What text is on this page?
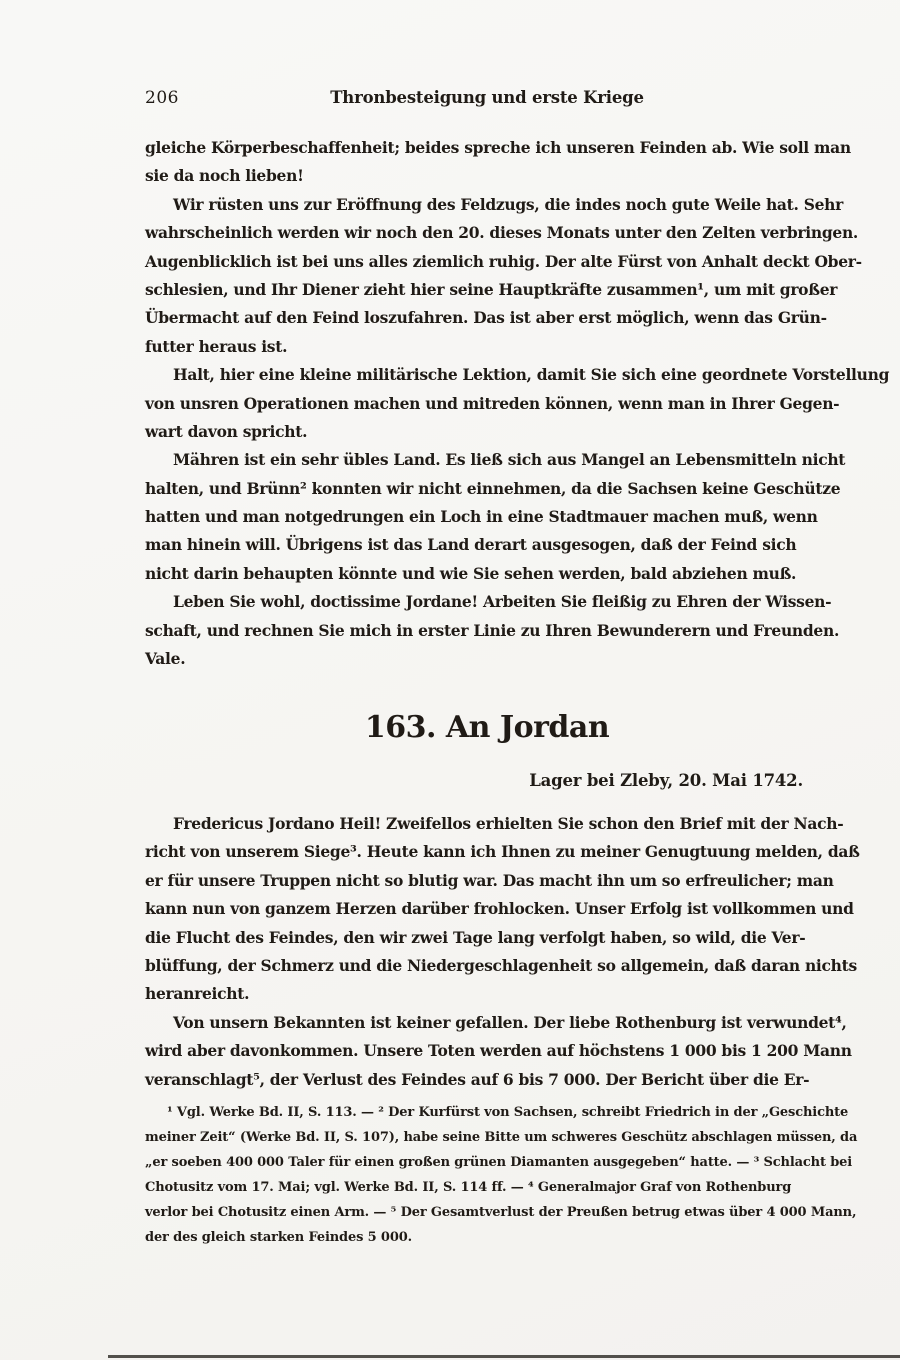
206	Thronbesteigung und erste Kriege
gleiche Körperbeschaffenheit; beides spreche ich unseren Feinden ab. Wie soll man
sie da noch lieben!
Wir rüsten uns zur Eröffnung des Feldzugs, die indes noch gute Weile hat. Sehr
wahrscheinlich werden wir noch den 20. dieses Monats unter den Zelten verbringen.
Augenblicklich ist bei uns alles ziemlich ruhig. Der alte Fürst von Anhalt deckt Ober-
schlesien, und Ihr Diener zieht hier seine Hauptkräfte zusammen¹, um mit großer
Übermacht auf den Feind loszufahren. Das ist aber erst möglich, wenn das Grün-
futter heraus ist.
Halt, hier eine kleine militärische Lektion, damit Sie sich eine geordnete Vorstellung
von unsren Operationen machen und mitreden können, wenn man in Ihrer Gegen-
wart davon spricht.
Mähren ist ein sehr übles Land. Es ließ sich aus Mangel an Lebensmitteln nicht
halten, und Brünn² konnten wir nicht einnehmen, da die Sachsen keine Geschütze
hatten und man notgedrungen ein Loch in eine Stadtmauer machen muß, wenn
man hinein will. Übrigens ist das Land derart ausgesogen, daß der Feind sich
nicht darin behaupten könnte und wie Sie sehen werden, bald abziehen muß.
Leben Sie wohl, doctissime Jordane! Arbeiten Sie fleißig zu Ehren der Wissen-
schaft, und rechnen Sie mich in erster Linie zu Ihren Bewunderern und Freunden.
Vale.
163. An Jordan
Lager bei Zleby, 20. Mai 1742.
Fredericus Jordano Heil! Zweifellos erhielten Sie schon den Brief mit der Nach-
richt von unserem Siege³. Heute kann ich Ihnen zu meiner Genugtuung melden, daß
er für unsere Truppen nicht so blutig war. Das macht ihn um so erfreulicher; man
kann nun von ganzem Herzen darüber frohlocken. Unser Erfolg ist vollkommen und
die Flucht des Feindes, den wir zwei Tage lang verfolgt haben, so wild, die Ver-
blüffung, der Schmerz und die Niedergeschlagenheit so allgemein, daß daran nichts
heranreicht.
Von unsern Bekannten ist keiner gefallen. Der liebe Rothenburg ist verwundet⁴,
wird aber davonkommen. Unsere Toten werden auf höchstens 1 000 bis 1 200 Mann
veranschlagt⁵, der Verlust des Feindes auf 6 bis 7 000. Der Bericht über die Er-
¹ Vgl. Werke Bd. II, S. 113. — ² Der Kurfürst von Sachsen, schreibt Friedrich in der „Geschichte
meiner Zeit“ (Werke Bd. II, S. 107), habe seine Bitte um schweres Geschütz abschlagen müssen, da
„er soeben 400 000 Taler für einen großen grünen Diamanten ausgegeben“ hatte. — ³ Schlacht bei
Chotusitz vom 17. Mai; vgl. Werke Bd. II, S. 114 ff. — ⁴ Generalmajor Graf von Rothenburg
verlor bei Chotusitz einen Arm. — ⁵ Der Gesamtverlust der Preußen betrug etwas über 4 000 Mann,
der des gleich starken Feindes 5 000.
